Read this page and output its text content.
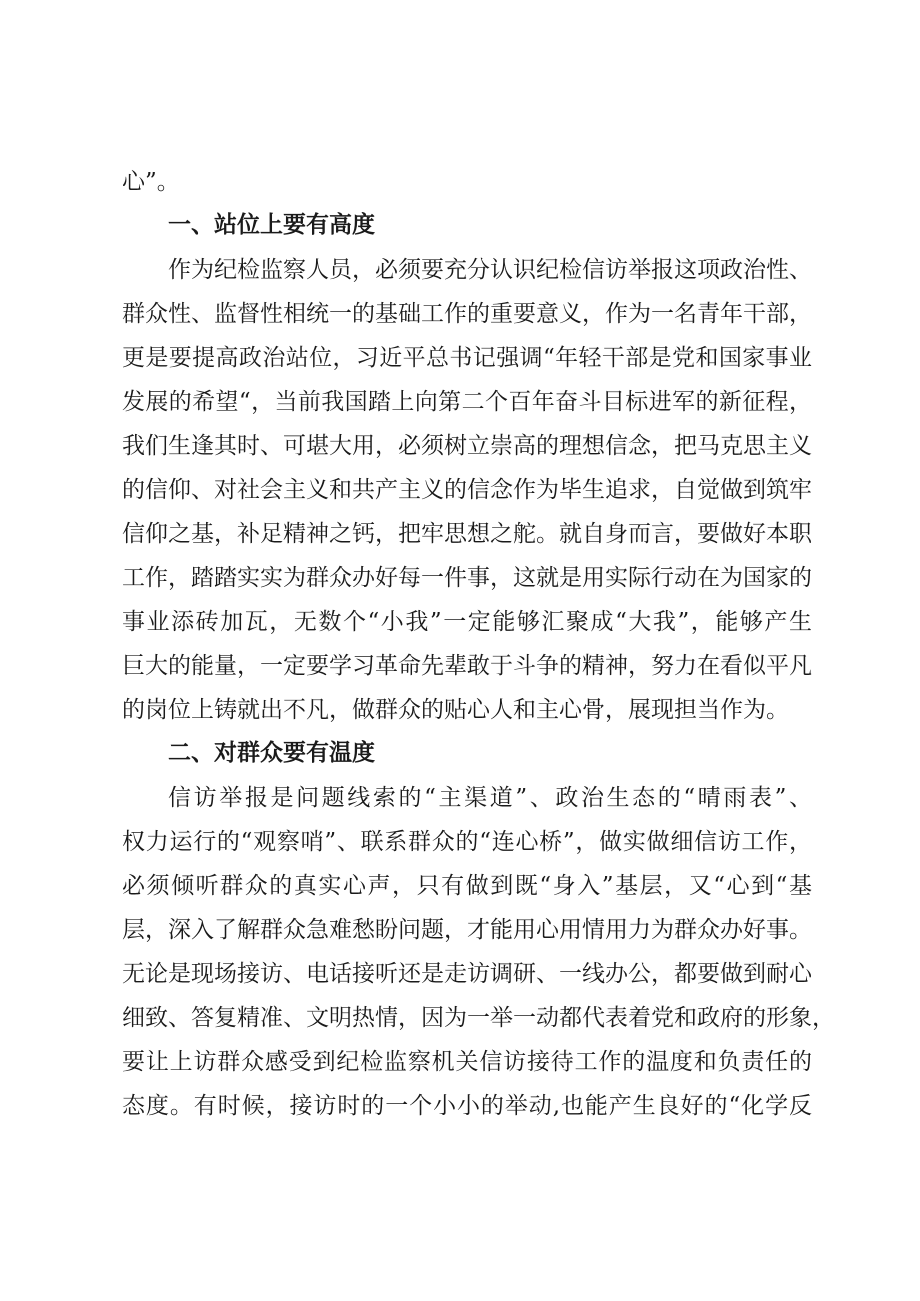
心”。
一、站位上要有高度
作为纪检监察人员，必须要充分认识纪检信访举报这项政治性、
群众性、监督性相统一的基础工作的重要意义，作为一名青年干部，
更是要提高政治站位，习近平总书记强调“年轻干部是党和国家事业
发展的希望“，当前我国踏上向第二个百年奋斗目标进军的新征程，
我们生逢其时、可堪大用，必须树立崇高的理想信念，把马克思主义
的信仰、对社会主义和共产主义的信念作为毕生追求，自觉做到筑牢
信仰之基，补足精神之钙，把牢思想之舵。就自身而言，要做好本职
工作，踏踏实实为群众办好每一件事，这就是用实际行动在为国家的
事业添砖加瓦，无数个“小我”一定能够汇聚成“大我”，能够产生
巨大的能量，一定要学习革命先辈敢于斗争的精神，努力在看似平凡
的岗位上铸就出不凡，做群众的贴心人和主心骨，展现担当作为。
二、对群众要有温度
信访举报是问题线索的“主渠道”、政治生态的“晴雨表”、
权力运行的“观察哨”、联系群众的“连心桥”，做实做细信访工作，
必须倾听群众的真实心声，只有做到既“身入”基层，又“心到“基
层，深入了解群众急难愁盼问题，才能用心用情用力为群众办好事。
无论是现场接访、电话接听还是走访调研、一线办公，都要做到耐心
细致、答复精准、文明热情，因为一举一动都代表着党和政府的形象，
要让上访群众感受到纪检监察机关信访接待工作的温度和负责任的
态度。有时候，接访时的一个小小的举动,也能产生良好的“化学反
